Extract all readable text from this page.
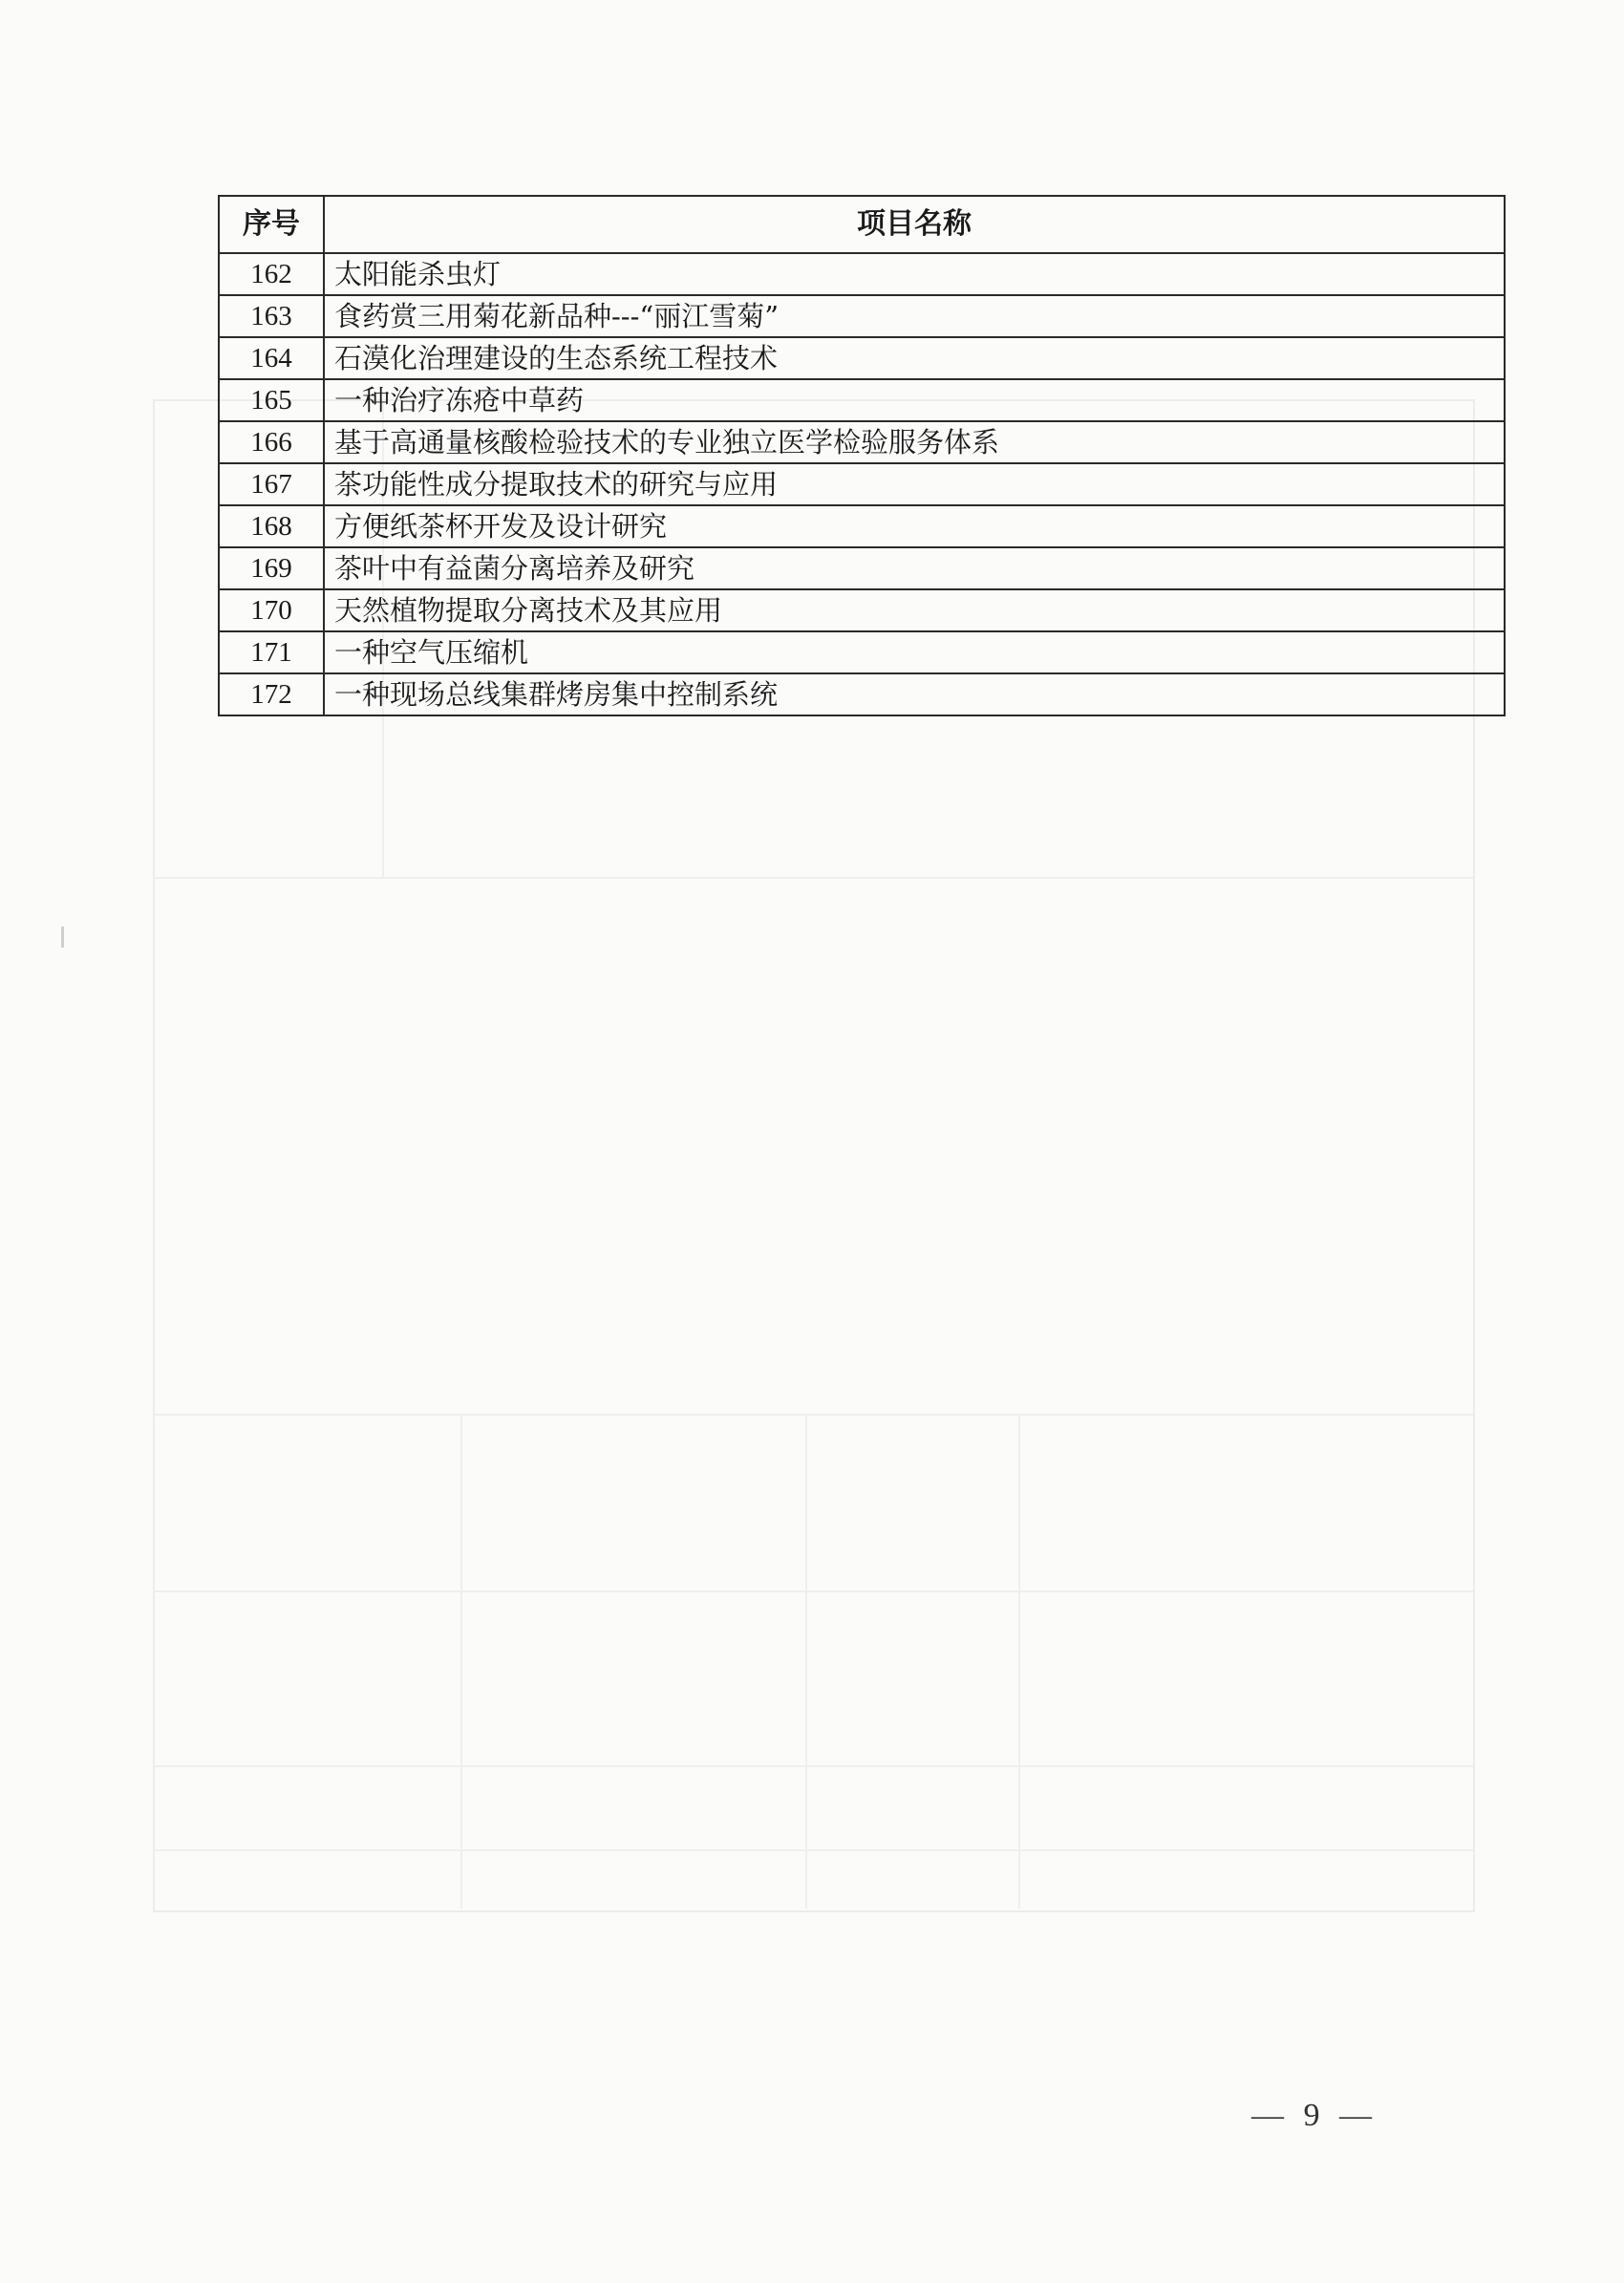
序号	项目名称
162	太阳能杀虫灯
163	食药赏三用菊花新品种---“丽江雪菊”
164	石漠化治理建设的生态系统工程技术
165	一种治疗冻疮中草药
166	基于高通量核酸检验技术的专业独立医学检验服务体系
167	茶功能性成分提取技术的研究与应用
168	方便纸茶杯开发及设计研究
169	茶叶中有益菌分离培养及研究
170	天然植物提取分离技术及其应用
171	一种空气压缩机
172	一种现场总线集群烤房集中控制系统
— 9 —
